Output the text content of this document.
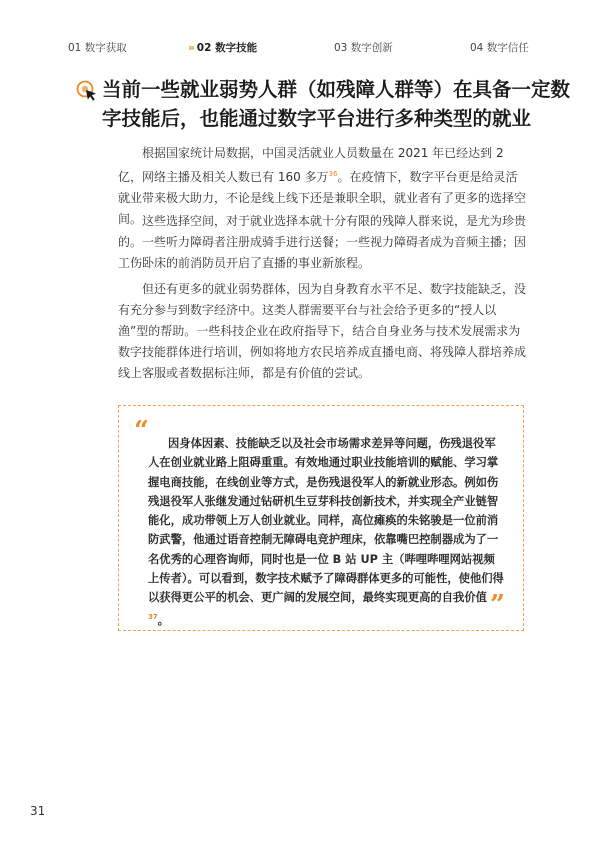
01 数字获取	» 02 数字技能	03 数字创新	04 数字信任
当前一些就业弱势人群（如残障人群等）在具备一定数字技能后，也能通过数字平台进行多种类型的就业

根据国家统计局数据，中国灵活就业人员数量在 2021 年已经达到 2 亿，网络主播及相关人数已有 160 多万$^{36}$。在疫情下，数字平台更是给灵活就业带来极大助力，不论是线上线下还是兼职全职，就业者有了更多的选择空间。 这些选择空间，对于就业选择本就十分有限的残障人群来说，是尤为珍贵的。一些听力障碍者注册成骑手进行送餐；一些视力障碍者成为音频主播；因工伤卧床的前消防员开启了直播的事业新旅程。

但还有更多的就业弱势群体，因为自身教育水平不足、数字技能缺乏，没有充分参与到数字经济中。这类人群需要平台与社会给予更多的“授人以渔”型的帮助。一些科技企业在政府指导下，结合自身业务与技术发展需求为数字技能群体进行培训，例如将地方农民培养成直播电商、将残障人群培养成线上客服或者数据标注师，都是有价值的尝试。

“	因身体因素、技能缺乏以及社会市场需求差异等问题，伤残退役军人在创业就业路上阻碍重重。有效地通过职业技能培训的赋能、学习掌握电商技能，在线创业等方式，是伤残退役军人的新就业形态。例如伤残退役军人张继发通过钻研机生豆芽科技创新技术，并实现全产业链智能化，成功带领上万人创业就业。同样，高位瘫痪的朱铭骏是一位前消防武警，他通过语音控制无障碍电竞护理床，依靠嘴巴控制器成为了一名优秀的心理咨询师，同时也是一位 B 站 UP 主（哔哩哔哩网站视频上传者）。可以看到，数字技术赋予了障碍群体更多的可能性，使他们得以获得更公平的机会、更广阔的发展空间，最终实现更高的自我价值$^{37}$。	”
31
